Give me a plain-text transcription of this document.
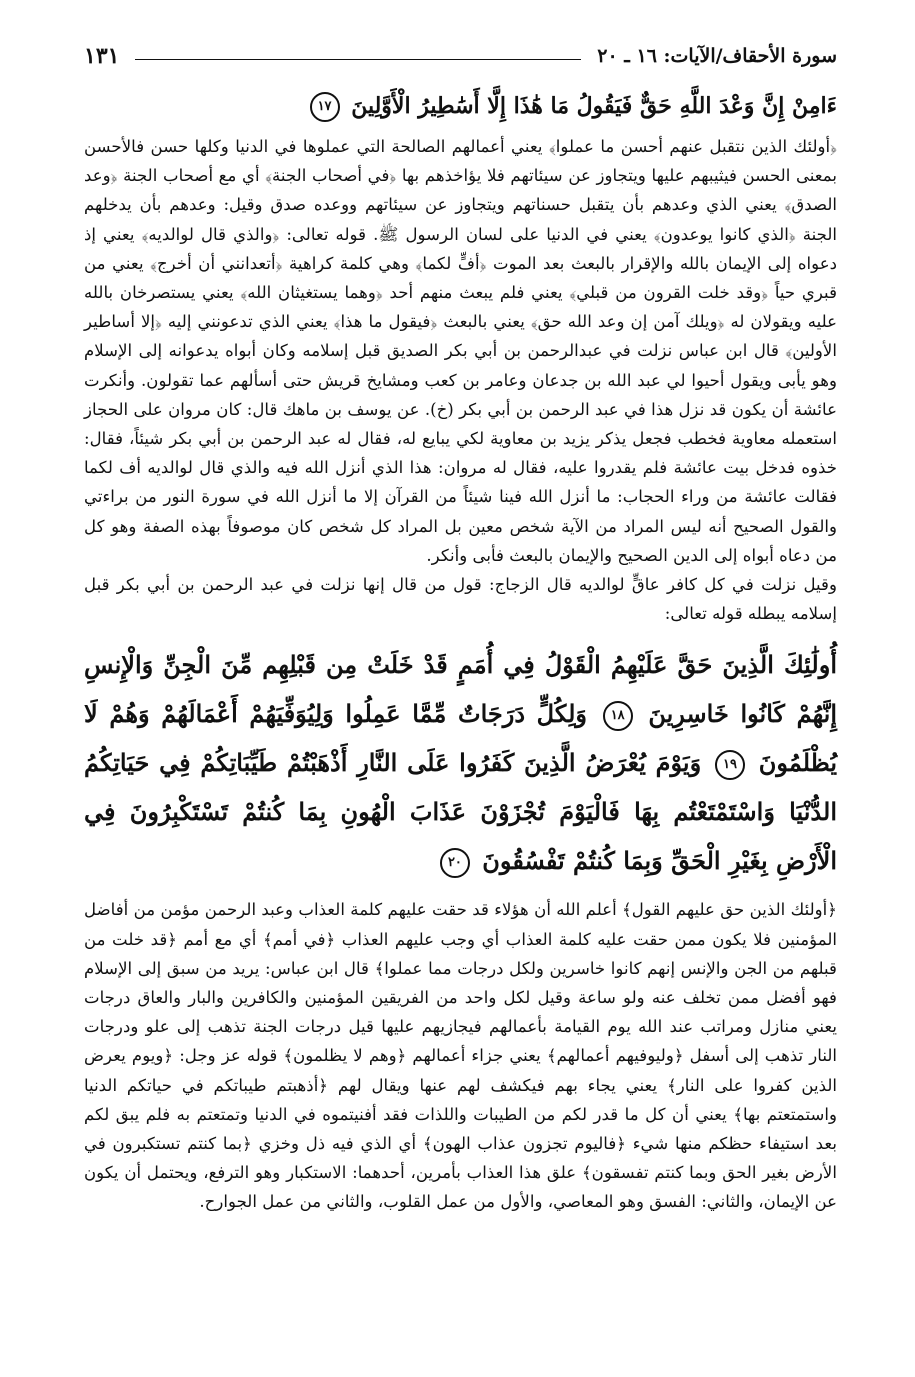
سورة الأحقاف/الآيات: ١٦ ـ ٢٠
١٣١
ءَامِنْ إِنَّ وَعْدَ اللَّهِ حَقٌّ فَيَقُولُ مَا هَٰذَا إِلَّا أَسَٰطِيرُ الْأَوَّلِينَ ١٧

﴿أولئك الذين نتقبل عنهم أحسن ما عملوا﴾ يعني أعمالهم الصالحة التي عملوها في الدنيا وكلها حسن فالأحسن بمعنى الحسن فيثيبهم عليها ويتجاوز عن سيئاتهم فلا يؤاخذهم بها ﴿في أصحاب الجنة﴾ أي مع أصحاب الجنة ﴿وعد الصدق﴾ يعني الذي وعدهم بأن يتقبل حسناتهم ويتجاوز عن سيئاتهم ووعده صدق وقيل: وعدهم بأن يدخلهم الجنة ﴿الذي كانوا يوعدون﴾ يعني في الدنيا على لسان الرسول ﷺ. قوله تعالى: ﴿والذي قال لوالديه﴾ يعني إذ دعواه إلى الإيمان بالله والإقرار بالبعث بعد الموت ﴿أفٍّ لكما﴾ وهي كلمة كراهية ﴿أتعدانني أن أخرج﴾ يعني من قبري حياً ﴿وقد خلت القرون من قبلي﴾ يعني فلم يبعث منهم أحد ﴿وهما يستغيثان الله﴾ يعني يستصرخان بالله عليه ويقولان له ﴿ويلك آمن إن وعد الله حق﴾ يعني بالبعث ﴿فيقول ما هذا﴾ يعني الذي تدعونني إليه ﴿إلا أساطير الأولين﴾ قال ابن عباس نزلت في عبدالرحمن بن أبي بكر الصديق قبل إسلامه وكان أبواه يدعوانه إلى الإسلام وهو يأبى ويقول أحيوا لي عبد الله بن جدعان وعامر بن كعب ومشايخ قريش حتى أسألهم عما تقولون. وأنكرت عائشة أن يكون قد نزل هذا في عبد الرحمن بن أبي بكر (خ). عن يوسف بن ماهك قال: كان مروان على الحجاز استعمله معاوية فخطب فجعل يذكر يزيد بن معاوية لكي يبايع له، فقال له عبد الرحمن بن أبي بكر شيئاً، فقال: خذوه فدخل بيت عائشة فلم يقدروا عليه، فقال له مروان: هذا الذي أنزل الله فيه والذي قال لوالديه أف لكما فقالت عائشة من وراء الحجاب: ما أنزل الله فينا شيئاً من القرآن إلا ما أنزل الله في سورة النور من براءتي والقول الصحيح أنه ليس المراد من الآية شخص معين بل المراد كل شخص كان موصوفاً بهذه الصفة وهو كل من دعاه أبواه إلى الدين الصحيح والإيمان بالبعث فأبى وأنكر.

وقيل نزلت في كل كافر عاقٍّ لوالديه قال الزجاج: قول من قال إنها نزلت في عبد الرحمن بن أبي بكر قبل إسلامه يبطله قوله تعالى:

أُولَٰئِكَ الَّذِينَ حَقَّ عَلَيْهِمُ الْقَوْلُ فِي أُمَمٍ قَدْ خَلَتْ مِن قَبْلِهِم مِّنَ الْجِنِّ وَالْإِنسِ إِنَّهُمْ كَانُوا خَاسِرِينَ ١٨ وَلِكُلٍّ دَرَجَاتٌ مِّمَّا عَمِلُوا وَلِيُوَفِّيَهُمْ أَعْمَالَهُمْ وَهُمْ لَا يُظْلَمُونَ ١٩ وَيَوْمَ يُعْرَضُ الَّذِينَ كَفَرُوا عَلَى النَّارِ أَذْهَبْتُمْ طَيِّبَاتِكُمْ فِي حَيَاتِكُمُ الدُّنْيَا وَاسْتَمْتَعْتُم بِهَا فَالْيَوْمَ تُجْزَوْنَ عَذَابَ الْهُونِ بِمَا كُنتُمْ تَسْتَكْبِرُونَ فِي الْأَرْضِ بِغَيْرِ الْحَقِّ وَبِمَا كُنتُمْ تَفْسُقُونَ ٢٠

﴿أولئك الذين حق عليهم القول﴾ أعلم الله أن هؤلاء قد حقت عليهم كلمة العذاب وعبد الرحمن مؤمن من أفاضل المؤمنين فلا يكون ممن حقت عليه كلمة العذاب أي وجب عليهم العذاب ﴿في أمم﴾ أي مع أمم ﴿قد خلت من قبلهم من الجن والإنس إنهم كانوا خاسرين ولكل درجات مما عملوا﴾ قال ابن عباس: يريد من سبق إلى الإسلام فهو أفضل ممن تخلف عنه ولو ساعة وقيل لكل واحد من الفريقين المؤمنين والكافرين والبار والعاق درجات يعني منازل ومراتب عند الله يوم القيامة بأعمالهم فيجازيهم عليها قيل درجات الجنة تذهب إلى علو ودرجات النار تذهب إلى أسفل ﴿وليوفيهم أعمالهم﴾ يعني جزاء أعمالهم ﴿وهم لا يظلمون﴾ قوله عز وجل: ﴿ويوم يعرض الذين كفروا على النار﴾ يعني يجاء بهم فيكشف لهم عنها ويقال لهم ﴿أذهبتم طيباتكم في حياتكم الدنيا واستمتعتم بها﴾ يعني أن كل ما قدر لكم من الطيبات واللذات فقد أفنيتموه في الدنيا وتمتعتم به فلم يبق لكم بعد استيفاء حظكم منها شيء ﴿فاليوم تجزون عذاب الهون﴾ أي الذي فيه ذل وخزي ﴿بما كنتم تستكبرون في الأرض بغير الحق وبما كنتم تفسقون﴾ علق هذا العذاب بأمرين، أحدهما: الاستكبار وهو الترفع، ويحتمل أن يكون عن الإيمان، والثاني: الفسق وهو المعاصي، والأول من عمل القلوب، والثاني من عمل الجوارح.
